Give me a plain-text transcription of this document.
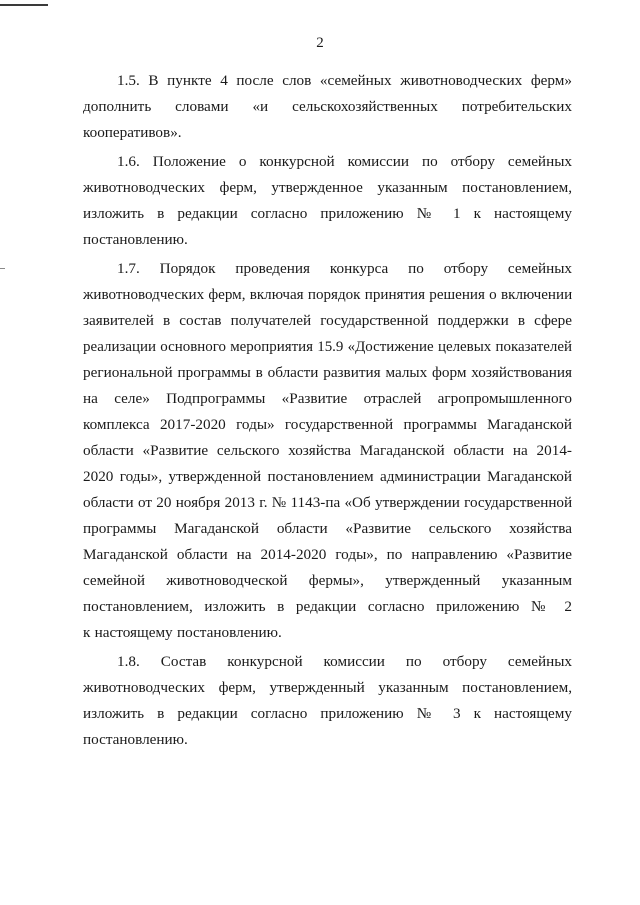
2

1.5. В пункте 4 после слов «семейных животноводческих ферм»
дополнить словами «и сельскохозяйственных потребительских
кооперативов».

1.6. Положение о конкурсной комиссии по отбору семейных
животноводческих ферм, утвержденное указанным постановлением,
изложить в редакции согласно приложению № 1 к настоящему
постановлению.

1.7. Порядок проведения конкурса по отбору семейных
животноводческих ферм, включая порядок принятия решения о включении
заявителей в состав получателей государственной поддержки в сфере
реализации основного мероприятия 15.9 «Достижение целевых показателей
региональной программы в области развития малых форм хозяйствования
на селе» Подпрограммы «Развитие отраслей агропромышленного
комплекса 2017-2020 годы» государственной программы Магаданской
области «Развитие сельского хозяйства Магаданской области на 2014-
2020 годы», утвержденной постановлением администрации Магаданской
области от 20 ноября 2013 г. № 1143-па «Об утверждении государственной
программы Магаданской области «Развитие сельского хозяйства
Магаданской области на 2014-2020 годы», по направлению «Развитие
семейной животноводческой фермы», утвержденный указанным
постановлением, изложить в редакции согласно приложению № 2
к настоящему постановлению.

1.8. Состав конкурсной комиссии по отбору семейных
животноводческих ферм, утвержденный указанным постановлением,
изложить в редакции согласно приложению № 3 к настоящему
постановлению.
